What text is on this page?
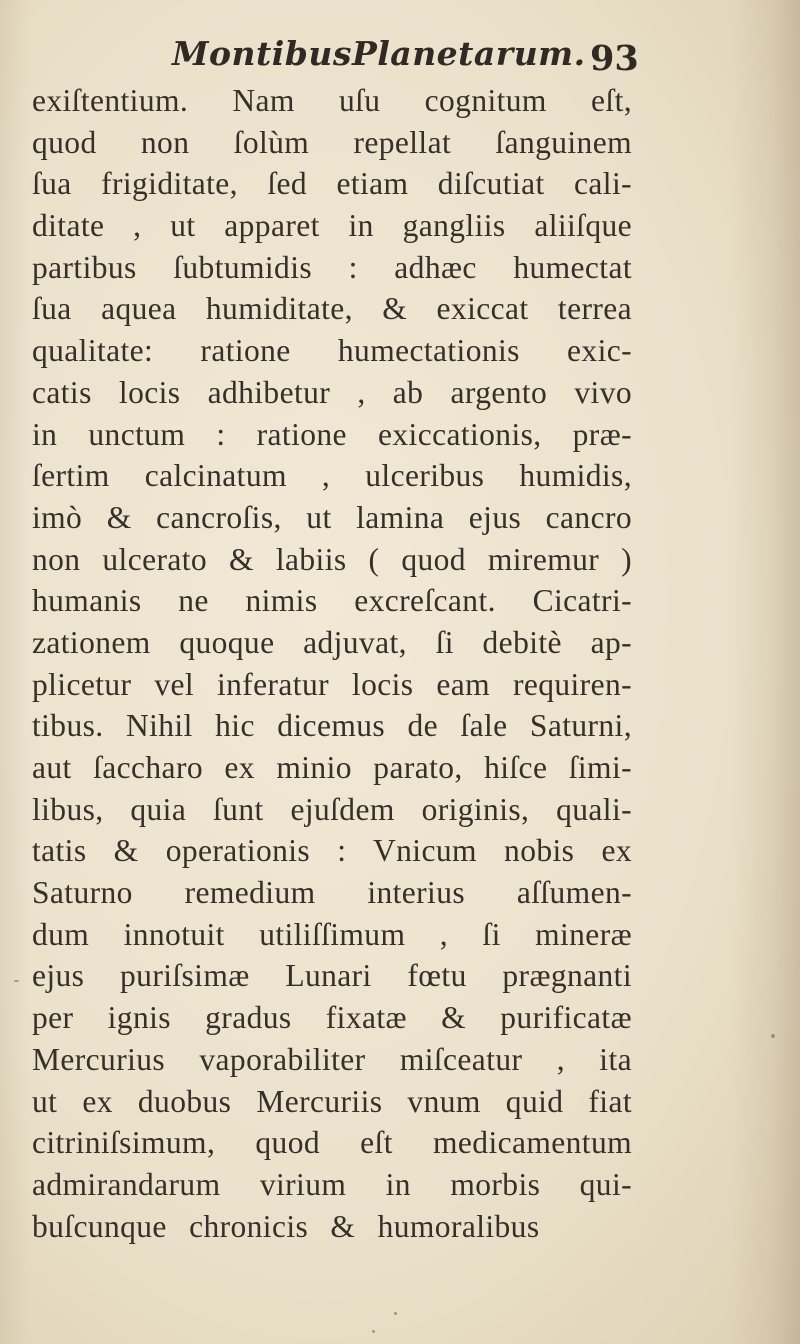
MontibusPlanetarum. 93
exiſtentium. Nam uſu cognitum eſt,
quod non ſolùm repellat ſanguinem
ſua frigiditate, ſed etiam diſcutiat cali-
ditate , ut apparet in gangliis aliiſque
partibus ſubtumidis : adhæc humectat
ſua aquea humiditate, & exiccat terrea
qualitate: ratione humectationis exic-
catis locis adhibetur , ab argento vivo
in unctum : ratione exiccationis, præ-
ſertim calcinatum , ulceribus humidis,
imò & cancroſis, ut lamina ejus cancro
non ulcerato & labiis ( quod miremur )
humanis ne nimis excreſcant. Cicatri-
zationem quoque adjuvat, ſi debitè ap-
plicetur vel inferatur locis eam requiren-
tibus. Nihil hic dicemus de ſale Saturni,
aut ſaccharo ex minio parato, hiſce ſimi-
libus, quia ſunt ejuſdem originis, quali-
tatis & operationis : Vnicum nobis ex
Saturno remedium interius aſſumen-
dum innotuit utiliſſimum , ſi mineræ
ejus puriſsimæ Lunari fœtu prægnanti
per ignis gradus fixatæ & purificatæ
Mercurius vaporabiliter miſceatur , ita
ut ex duobus Mercuriis vnum quid fiat
citriniſsimum, quod eſt medicamentum
admirandarum virium in morbis qui-
buſcunque chronicis & humoralibus
